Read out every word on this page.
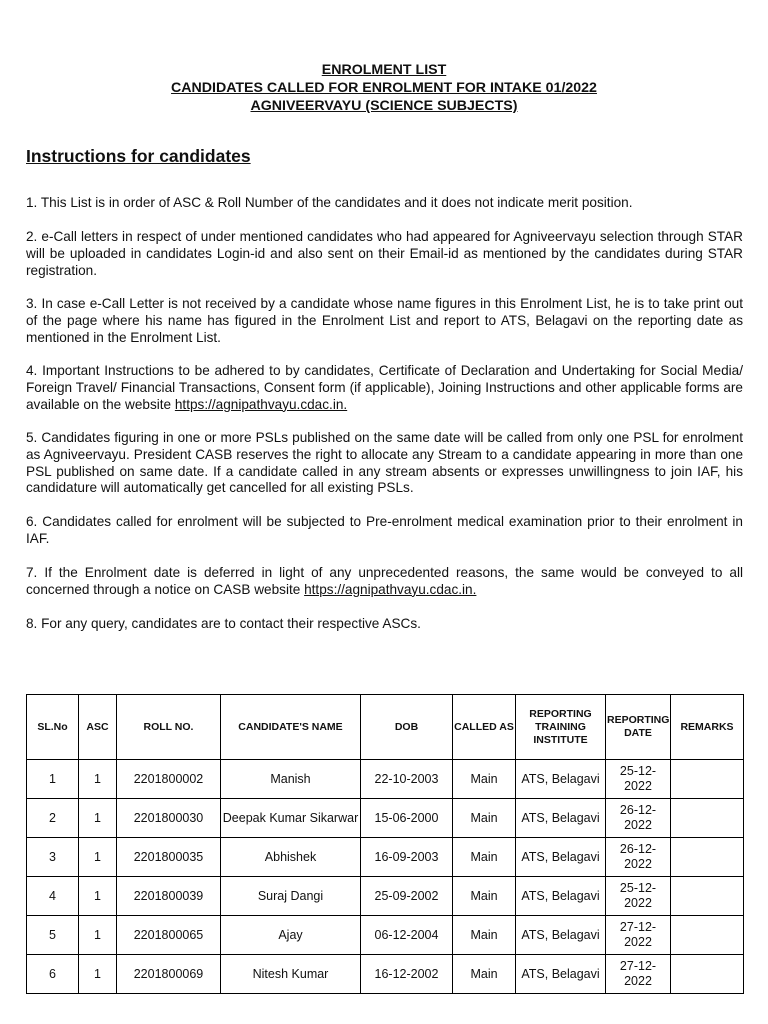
ENROLMENT LIST
CANDIDATES CALLED FOR ENROLMENT FOR INTAKE 01/2022
AGNIVEERVAYU (SCIENCE SUBJECTS)
Instructions for candidates

1. This List is in order of ASC & Roll Number of the candidates and it does not indicate merit position.

2. e-Call letters in respect of under mentioned candidates who had appeared for Agniveervayu selection through STAR will be uploaded in candidates Login-id and also sent on their Email-id as mentioned by the candidates during STAR registration.

3. In case e-Call Letter is not received by a candidate whose name figures in this Enrolment List, he is to take print out of the page where his name has figured in the Enrolment List and report to ATS, Belagavi on the reporting date as mentioned in the Enrolment List.

4. Important Instructions to be adhered to by candidates, Certificate of Declaration and Undertaking for Social Media/ Foreign Travel/ Financial Transactions, Consent form (if applicable), Joining Instructions and other applicable forms are available on the website https://agnipathvayu.cdac.in.

5. Candidates figuring in one or more PSLs published on the same date will be called from only one PSL for enrolment as Agniveervayu. President CASB reserves the right to allocate any Stream to a candidate appearing in more than one PSL published on same date. If a candidate called in any stream absents or expresses unwillingness to join IAF, his candidature will automatically get cancelled for all existing PSLs.

6. Candidates called for enrolment will be subjected to Pre-enrolment medical examination prior to their enrolment in IAF.

7. If the Enrolment date is deferred in light of any unprecedented reasons, the same would be conveyed to all concerned through a notice on CASB website https://agnipathvayu.cdac.in.

8. For any query, candidates are to contact their respective ASCs.

SL.No	ASC	ROLL NO.	CANDIDATE'S NAME	DOB	CALLED AS	REPORTING TRAINING INSTITUTE	REPORTING DATE	REMARKS
1	1	2201800002	Manish	22-10-2003	Main	ATS, Belagavi	25-12-2022	
2	1	2201800030	Deepak Kumar Sikarwar	15-06-2000	Main	ATS, Belagavi	26-12-2022	
3	1	2201800035	Abhishek	16-09-2003	Main	ATS, Belagavi	26-12-2022	
4	1	2201800039	Suraj Dangi	25-09-2002	Main	ATS, Belagavi	25-12-2022	
5	1	2201800065	Ajay	06-12-2004	Main	ATS, Belagavi	27-12-2022	
6	1	2201800069	Nitesh Kumar	16-12-2002	Main	ATS, Belagavi	27-12-2022	
